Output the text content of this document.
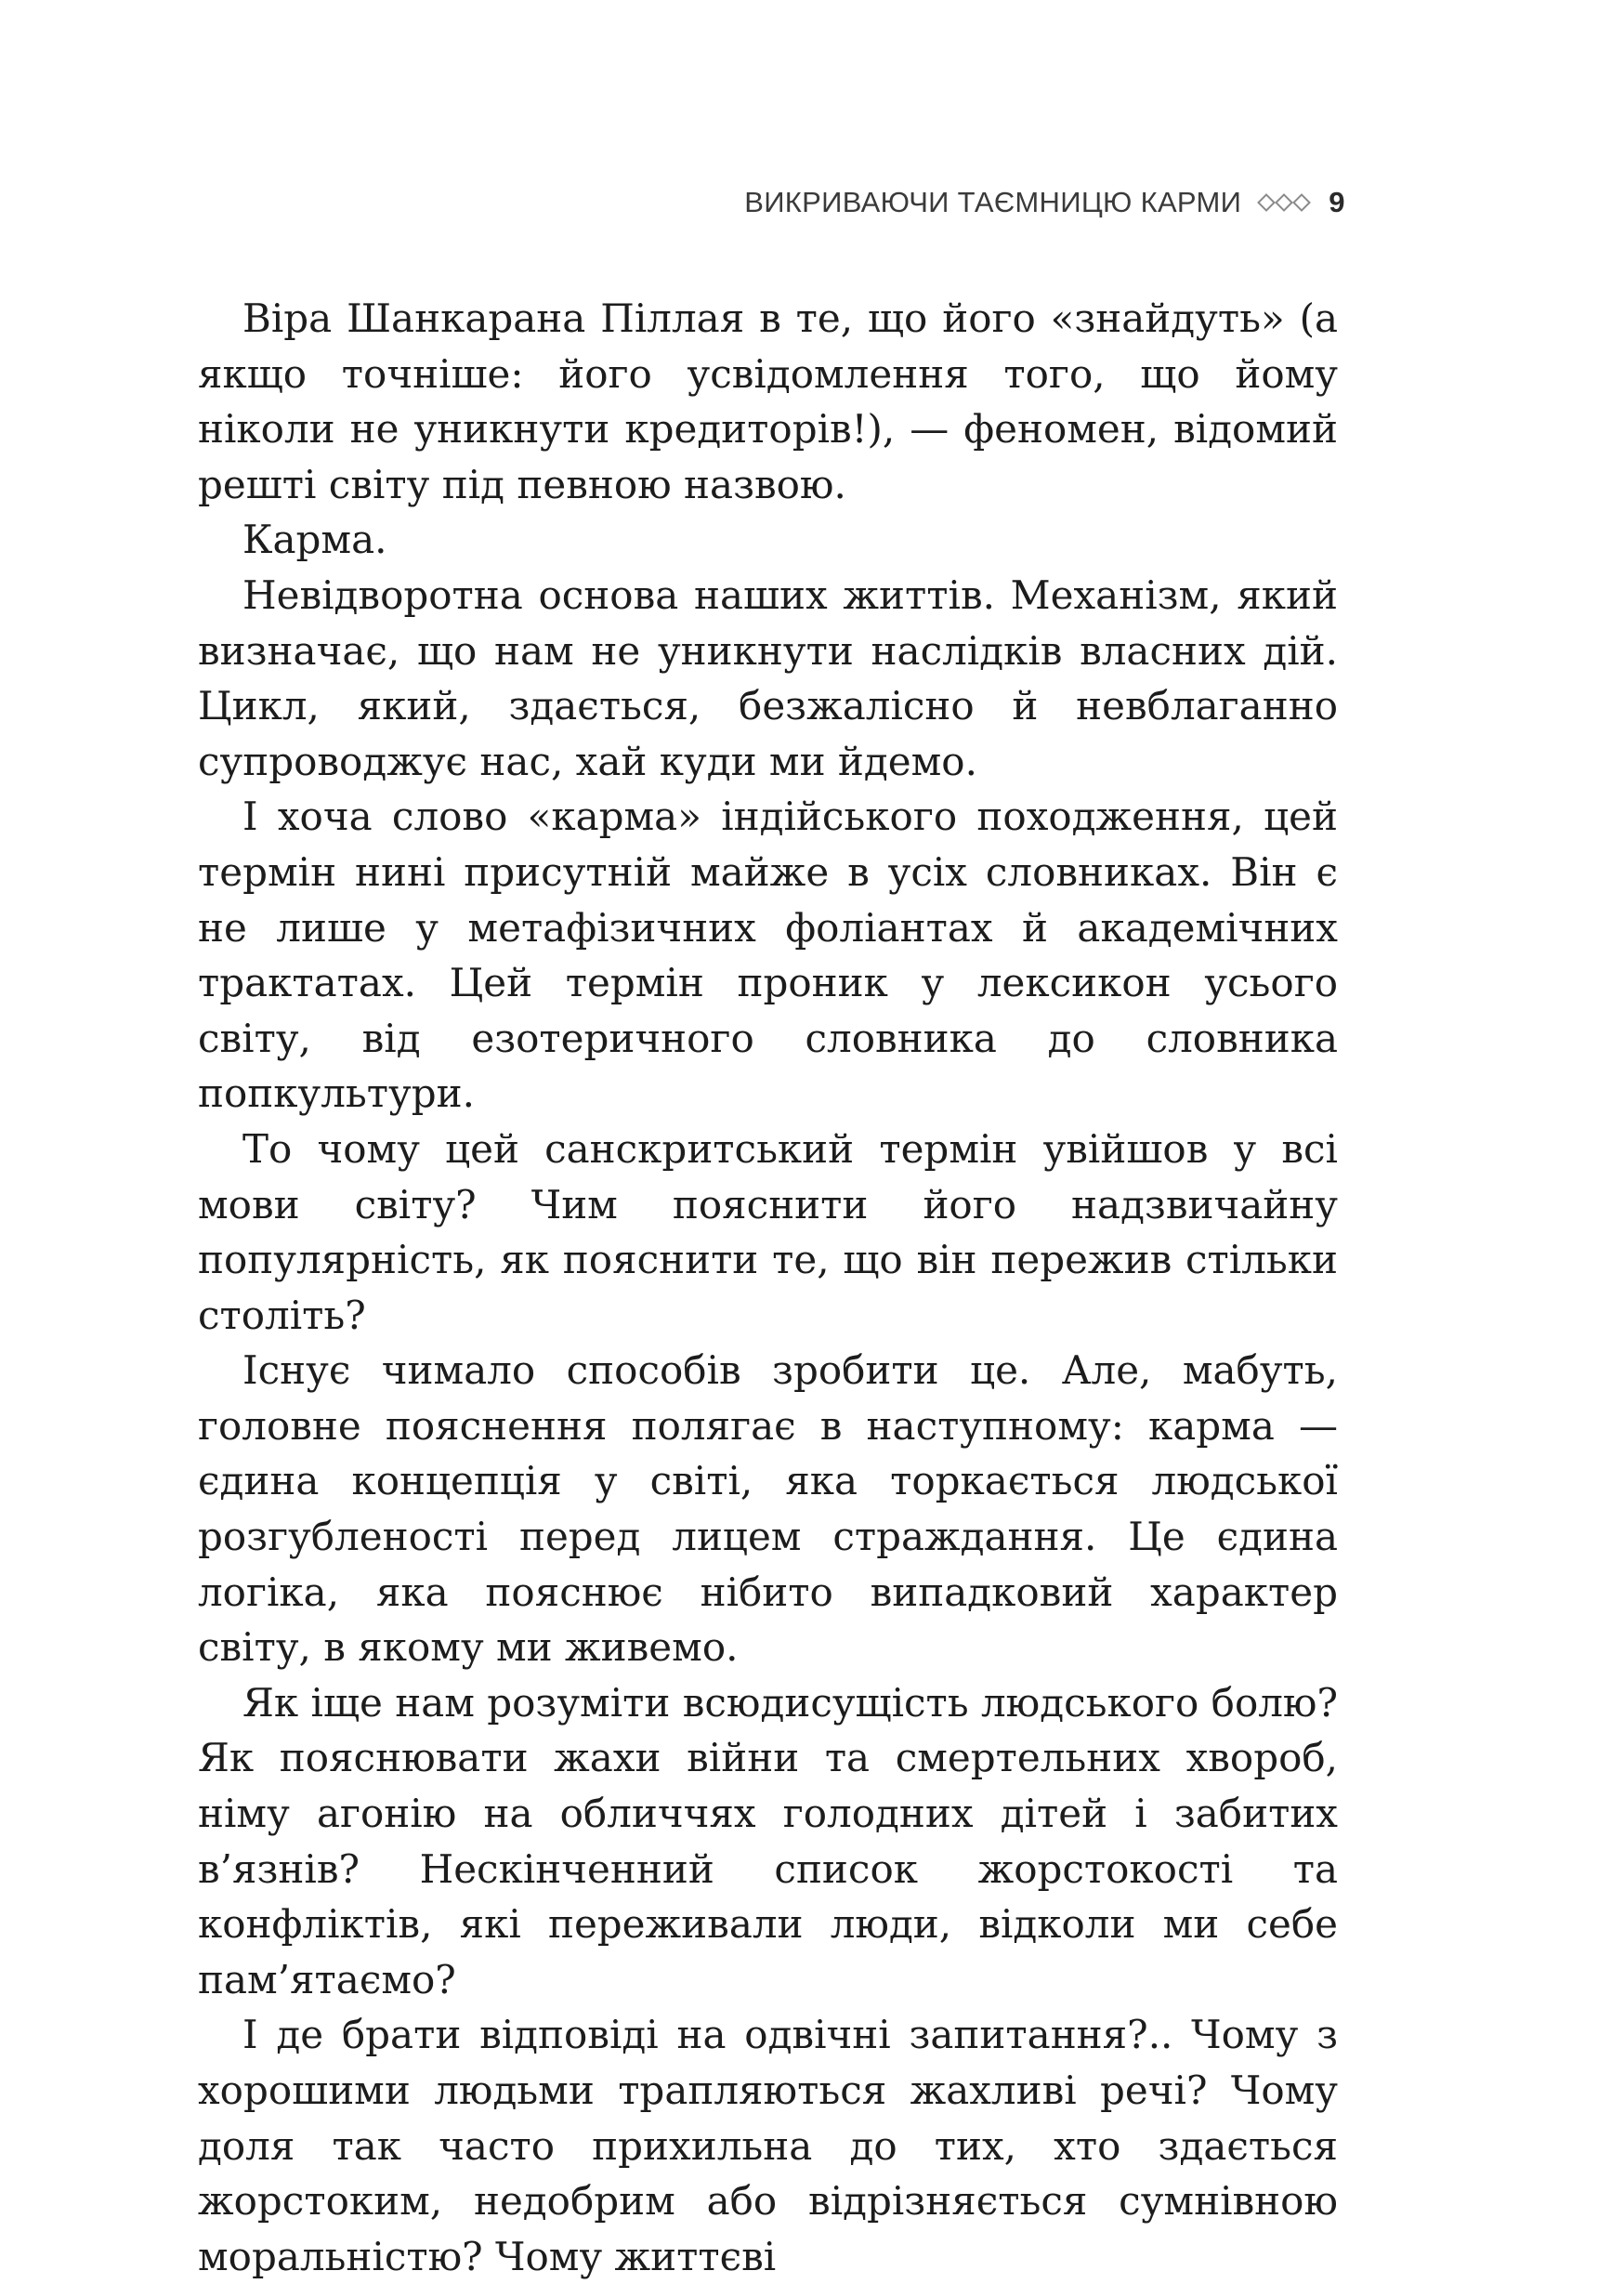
ВИКРИВАЮЧИ ТАЄМНИЦЮ КАРМИ	9

Віра Шанкарана Піллая в те, що його «знайдуть» (а якщо точніше: його усвідомлення того, що йому ніколи не уникнути кредиторів!), — феномен, відомий решті світу під певною назвою.

Карма.

Невідворотна основа наших життів. Механізм, який визначає, що нам не уникнути наслідків власних дій. Цикл, який, здається, безжалісно й невблаганно супроводжує нас, хай куди ми йдемо.

І хоча слово «карма» індійського походження, цей термін нині присутній майже в усіх словниках. Він є не лише у метафізичних фоліантах й академічних трактатах. Цей термін проник у лексикон усього світу, від езотеричного словника до словника попкультури.

То чому цей санскритський термін увійшов у всі мови світу? Чим пояснити його надзвичайну популярність, як пояснити те, що він пережив стільки століть?

Існує чимало способів зробити це. Але, мабуть, головне пояснення полягає в наступному: карма — єдина концепція у світі, яка торкається людської розгубленості перед лицем страждання. Це єдина логіка, яка пояснює нібито випадковий характер світу, в якому ми живемо.

Як іще нам розуміти всюдисущість людського болю? Як пояснювати жахи війни та смертельних хвороб, німу агонію на обличчях голодних дітей і забитих в’язнів? Нескінченний список жорстокості та конфліктів, які переживали люди, відколи ми себе пам’ятаємо?

І де брати відповіді на одвічні запитання?.. Чому з хорошими людьми трапляються жахливі речі? Чому доля так часто прихильна до тих, хто здається жорстоким, недобрим або відрізняється сумнівною моральністю? Чому життєві
